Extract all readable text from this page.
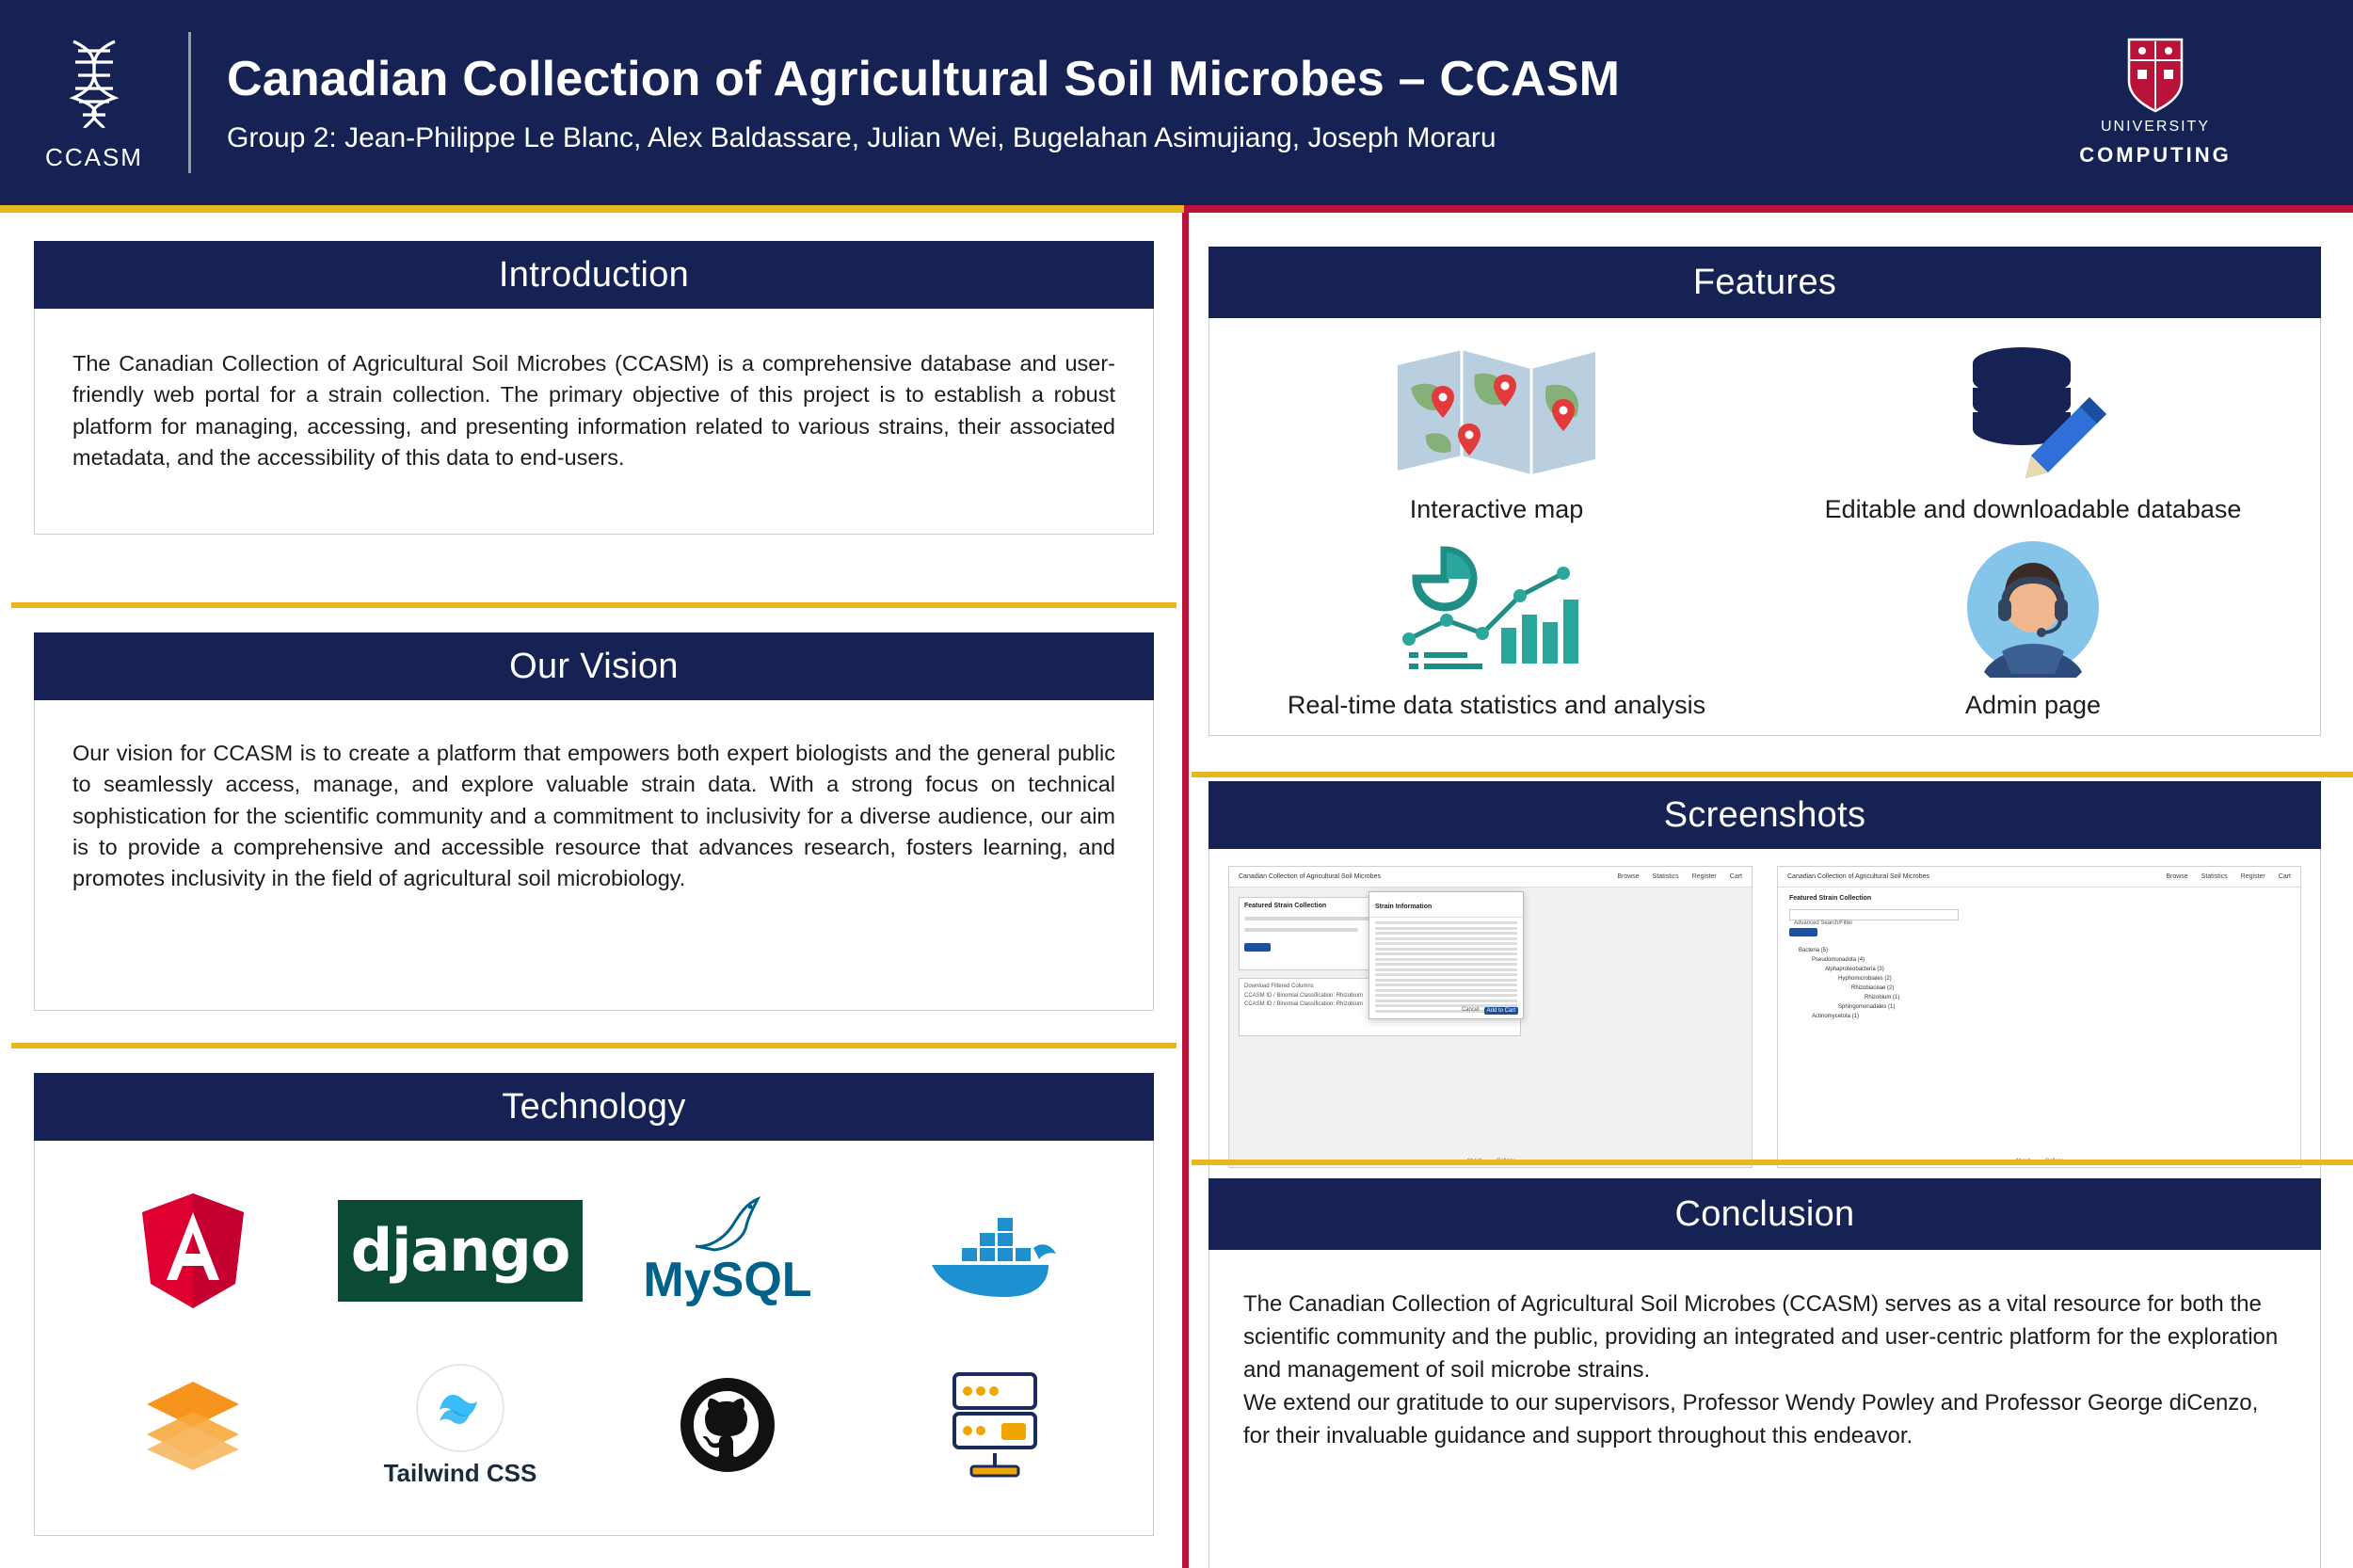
CCASM
Canadian Collection of Agricultural Soil Microbes – CCASM
Group 2: Jean-Philippe Le Blanc, Alex Baldassare, Julian Wei, Bugelahan Asimujiang, Joseph Moraru	UNIVERSITY
COMPUTING
Introduction

The Canadian Collection of Agricultural Soil Microbes (CCASM) is a comprehensive database and user-friendly web portal for a strain collection. The primary objective of this project is to establish a robust platform for managing, accessing, and presenting information related to various strains, their associated metadata, and the accessibility of this data to end-users.

Our Vision

Our vision for CCASM is to create a platform that empowers both expert biologists and the general public to seamlessly access, manage, and explore valuable strain data. With a strong focus on technical sophistication for the scientific community and a commitment to inclusivity for a diverse audience, our aim is to provide a comprehensive and accessible resource that advances research, fosters learning, and promotes inclusivity in the field of agricultural soil microbiology.

Technology
django MySQL
Tailwind CSS
Features
Interactive map	Editable and downloadable database
Real-time data statistics and analysis	Admin page
Screenshots
Canadian Collection of Agricultural Soil Microbes	Browse Statistics Register Cart
Featured Strain Collection
Download Filtered Columns
CCASM ID / Binomial Classification: Rhizobium
CCASM ID / Binomial Classification: Rhizobium
Strain Information
Cancel	Add to Cart
Canadian Collection of Agricultural Soil Microbes	Browse Statistics Register Cart
Featured Strain Collection
Advanced Search/Filter
Bacteria (5)
Pseudomonadota (4)
Alphaproteobacteria (3)
Hyphomicrobiales (2)
Rhizobiaceae (2)
Rhizobium (1)
Sphingomonadales (1)
Actinomycetota (1)
Conclusion

The Canadian Collection of Agricultural Soil Microbes (CCASM) serves as a vital resource for both the scientific community and the public, providing an integrated and user-centric platform for the exploration and management of soil microbe strains.

We extend our gratitude to our supervisors, Professor Wendy Powley and Professor George diCenzo, for their invaluable guidance and support throughout this endeavor.
